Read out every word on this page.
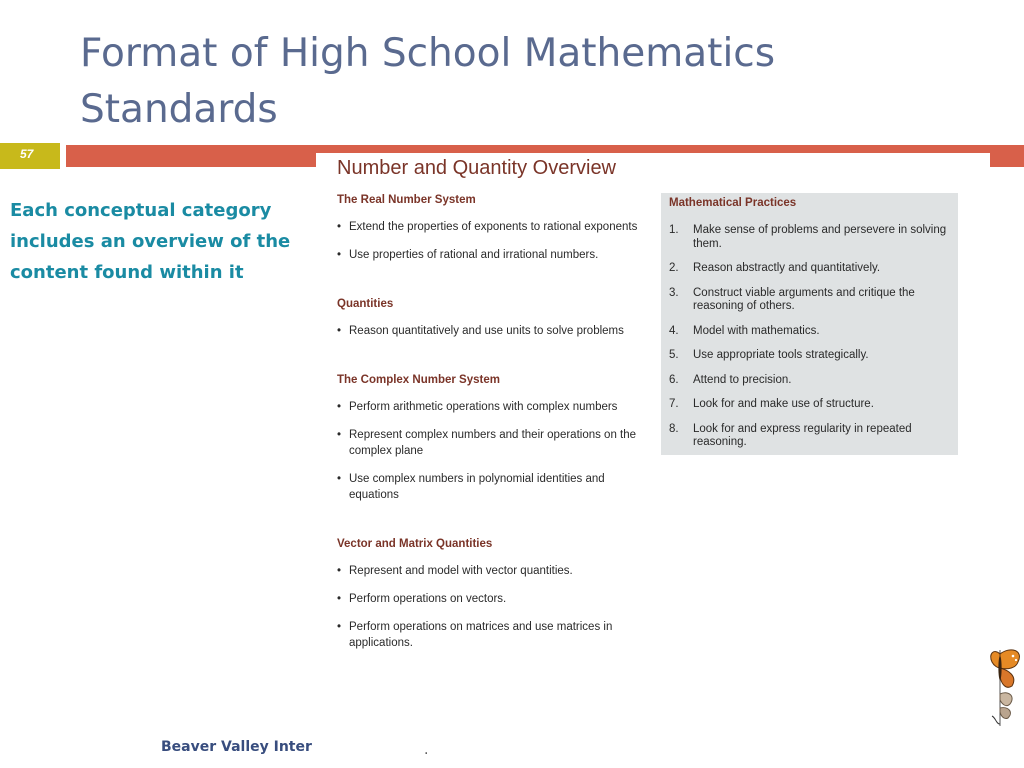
Format of High School Mathematics Standards
57

Each conceptual category includes an overview of the content found within it

Number and Quantity Overview
The Real Number System
• Extend the properties of exponents to rational exponents
• Use properties of rational and irrational numbers.
Quantities
• Reason quantitatively and use units to solve problems
The Complex Number System
• Perform arithmetic operations with complex numbers
• Represent complex numbers and their operations on the complex plane
• Use complex numbers in polynomial identities and equations
Vector and Matrix Quantities
• Represent and model with vector quantities.
• Perform operations on vectors.
• Perform operations on matrices and use matrices in applications.
Mathematical Practices
1. Make sense of problems and persevere in solving them.
2. Reason abstractly and quantitatively.
3. Construct viable arguments and critique the reasoning of others.
4. Model with mathematics.
5. Use appropriate tools strategically.
6. Attend to precision.
7. Look for and make use of structure.
8. Look for and express regularity in repeated reasoning.
Beaver Valley Inter	.
